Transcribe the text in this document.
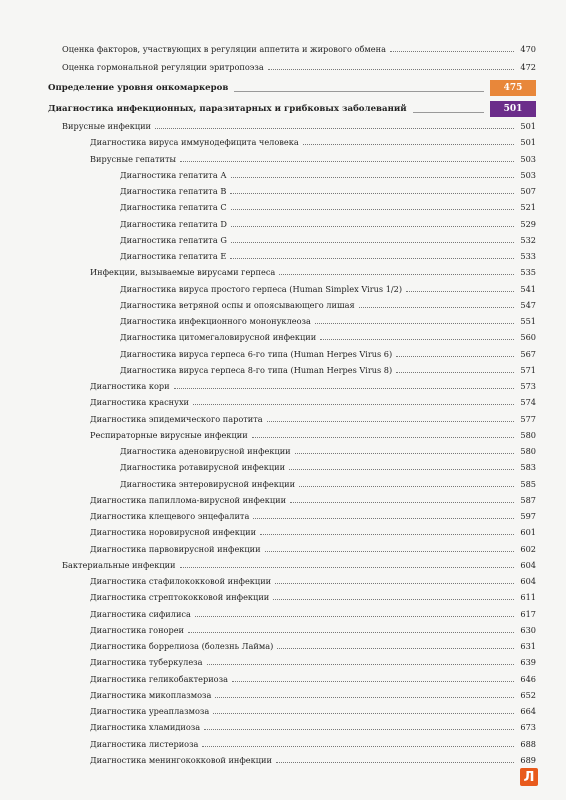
Оценка факторов, участвующих в регуляции аппетита и жирового обмена	470
Оценка гормональной регуляции эритропоэза	472
Определение уровня онкомаркеров	475
Диагностика инфекционных, паразитарных и грибковых заболеваний	501
Вирусные инфекции	501
Диагностика вируса иммунодефицита человека	501
Вирусные гепатиты	503
Диагностика гепатита А	503
Диагностика гепатита В	507
Диагностика гепатита С	521
Диагностика гепатита D	529
Диагностика гепатита G	532
Диагностика гепатита Е	533
Инфекции, вызываемые вирусами герпеса	535
Диагностика вируса простого герпеса (Human Simplex Virus 1/2)	541
Диагностика ветряной оспы и опоясывающего лишая	547
Диагностика инфекционного мононуклеоза	551
Диагностика цитомегаловирусной инфекции	560
Диагностика вируса герпеса 6-го типа (Human Herpes Virus 6)	567
Диагностика вируса герпеса 8-го типа (Human Herpes Virus 8)	571
Диагностика кори	573
Диагностика краснухи	574
Диагностика эпидемического паротита	577
Респираторные вирусные инфекции	580
Диагностика аденовирусной инфекции	580
Диагностика ротавирусной инфекции	583
Диагностика энтеровирусной инфекции	585
Диагностика папиллома-вирусной инфекции	587
Диагностика клещевого энцефалита	597
Диагностика норовирусной инфекции	601
Диагностика парвовирусной инфекции	602
Бактериальные инфекции	604
Диагностика стафилококковой инфекции	604
Диагностика стрептококковой инфекции	611
Диагностика сифилиса	617
Диагностика гонореи	630
Диагностика боррелиоза (болезнь Лайма)	631
Диагностика туберкулеза	639
Диагностика геликобактериоза	646
Диагностика микоплазмоза	652
Диагностика уреаплазмоза	664
Диагностика хламидиоза	673
Диагностика листериоза	688
Диагностика менингококковой инфекции	689
Л
